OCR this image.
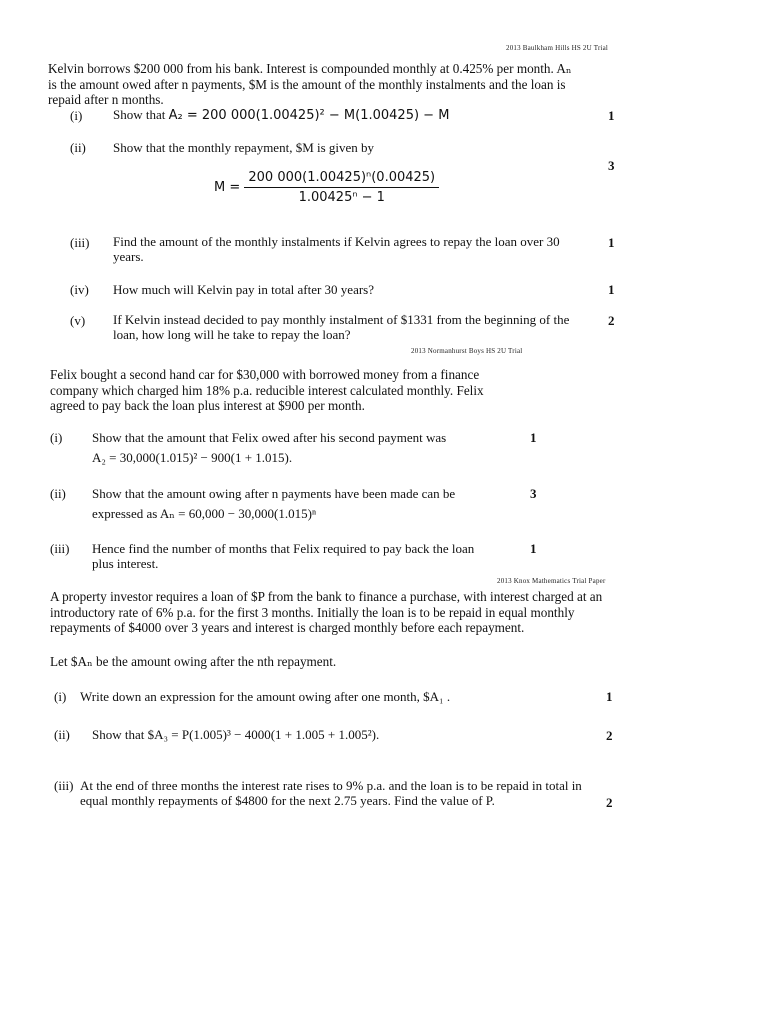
2013 Baulkham Hills HS 2U Trial
Kelvin borrows $200 000 from his bank. Interest is compounded monthly at 0.425% per month. Aₙ is the amount owed after n payments, $M is the amount of the monthly instalments and the loan is repaid after n months.
(i) Show that A₂ = 200 000(1.00425)² − M(1.00425) − M	1
(ii) Show that the monthly repayment, $M is given by
3
$M = \frac{\text{200 000(1.00425)ⁿ(0.00425)}}{\text{1.00425ⁿ − 1}}$
(iii) Find the amount of the monthly instalments if Kelvin agrees to repay the loan over 30 years.
1
(iv) How much will Kelvin pay in total after 30 years?	1
(v) If Kelvin instead decided to pay monthly instalment of $1331 from the beginning of the loan, how long will he take to repay the loan?
2
2013 Normanhurst Boys HS 2U Trial
Felix bought a second hand car for $30,000 with borrowed money from a finance company which charged him 18% p.a. reducible interest calculated monthly. Felix agreed to pay back the loan plus interest at $900 per month.
(i) Show that the amount that Felix owed after his second payment was
A₂ = 30,000(1.015)² − 900(1 + 1.015).
1
(ii) Show that the amount owing after n payments have been made can be
expressed as Aₙ = 60,000 − 30,000(1.015)ⁿ
3
(iii) Hence find the number of months that Felix required to pay back the loan plus interest.
1
2013 Knox Mathematics Trial Paper
A property investor requires a loan of $P from the bank to finance a purchase, with interest charged at an introductory rate of 6% p.a. for the first 3 months. Initially the loan is to be repaid in equal monthly repayments of $4000 over 3 years and interest is charged monthly before each repayment.
Let $Aₙ be the amount owing after the nth repayment.
(i) Write down an expression for the amount owing after one month, $A₁ .	1
(ii) Show that $A₃ = P(1.005)³ − 4000(1 + 1.005 + 1.005²).	2
(iii) At the end of three months the interest rate rises to 9% p.a. and the loan is to be repaid in total in equal monthly repayments of $4800 for the next 2.75 years. Find the value of P.	2
